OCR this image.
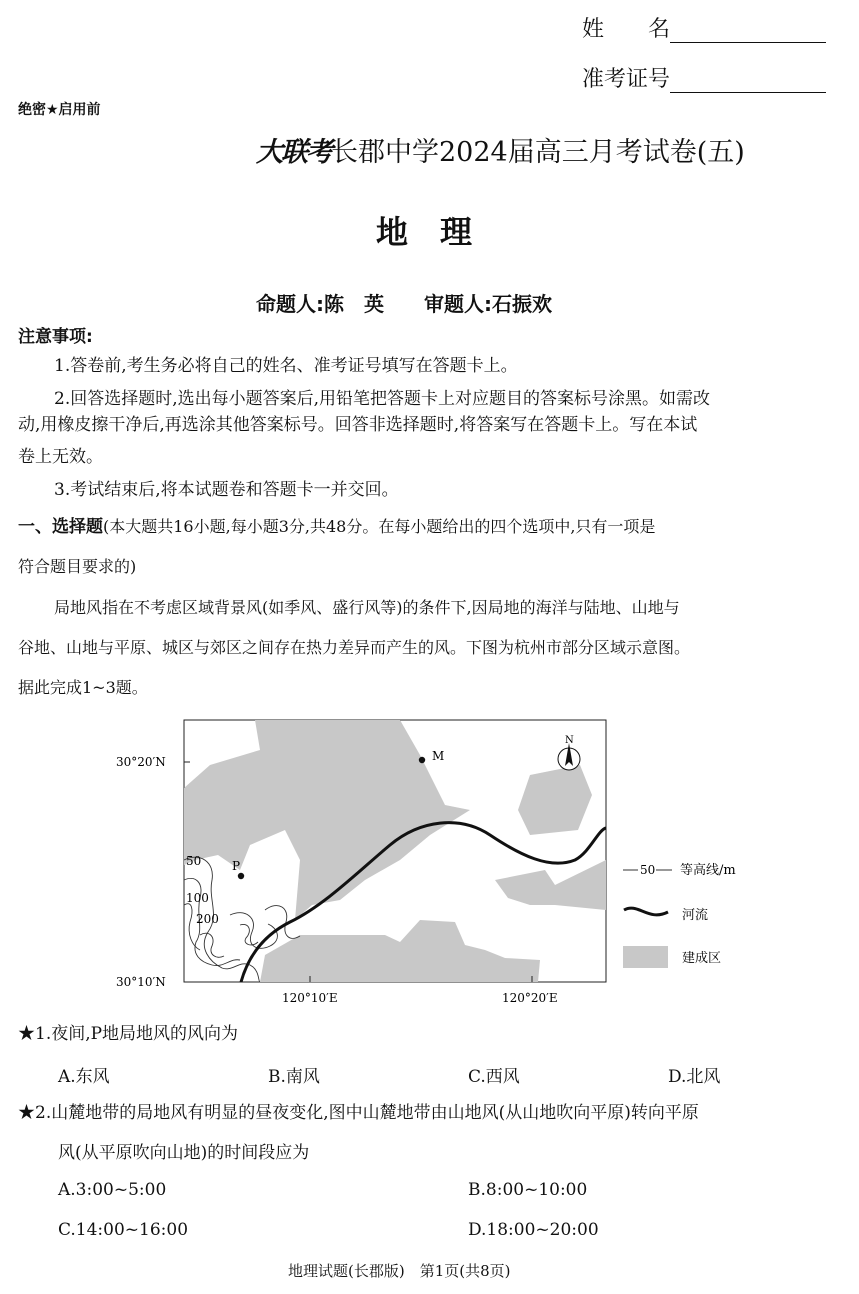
姓　　名
准考证号
绝密★启用前
大联考长郡中学2024届高三月考试卷(五)
地　理
命题人:陈　英　　审题人:石振欢
注意事项:
1.答卷前,考生务必将自己的姓名、准考证号填写在答题卡上。
2.回答选择题时,选出每小题答案后,用铅笔把答题卡上对应题目的答案标号涂黑。如需改
动,用橡皮擦干净后,再选涂其他答案标号。回答非选择题时,将答案写在答题卡上。写在本试
卷上无效。
3.考试结束后,将本试题卷和答题卡一并交回。
一、选择题(本大题共16小题,每小题3分,共48分。在每小题给出的四个选项中,只有一项是
符合题目要求的)
局地风指在不考虑区域背景风(如季风、盛行风等)的条件下,因局地的海洋与陆地、山地与
谷地、山地与平原、城区与郊区之间存在热力差异而产生的风。下图为杭州市部分区域示意图。
据此完成1~3题。
M
P
50
100
200
N
30°20′N
30°10′N
120°10′E	120°20′E
50 等高线/m
河流
建成区
★1.夜间,P地局地风的风向为
A.东风	B.南风	C.西风	D.北风
★2.山麓地带的局地风有明显的昼夜变化,图中山麓地带由山地风(从山地吹向平原)转向平原
风(从平原吹向山地)的时间段应为
A.3:00~5:00	B.8:00~10:00
C.14:00~16:00	D.18:00~20:00
地理试题(长郡版)　第1页(共8页)
